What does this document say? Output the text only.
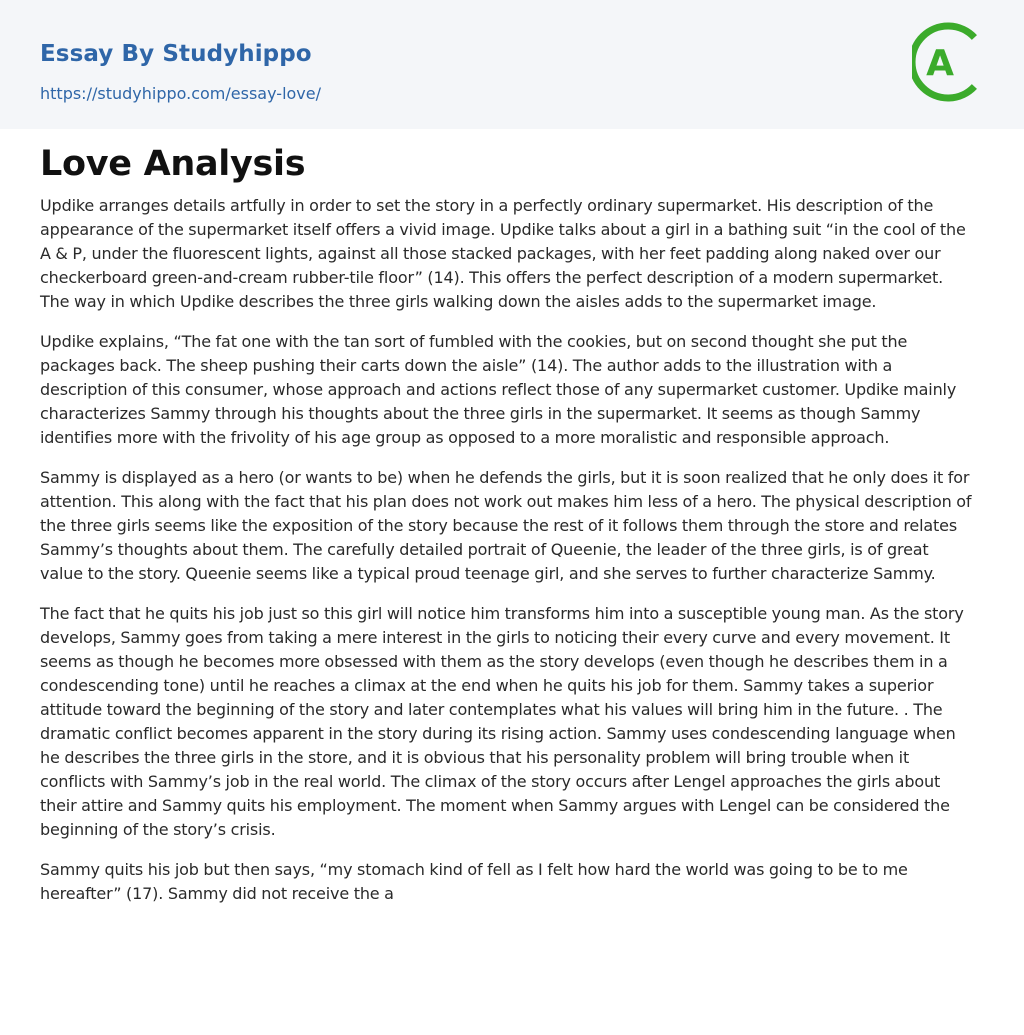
Essay By Studyhippo
https://studyhippo.com/essay-love/
A
Love Analysis

Updike arranges details artfully in order to set the story in a perfectly ordinary supermarket. His description of the appearance of the supermarket itself offers a vivid image. Updike talks about a girl in a bathing suit “in the cool of the A & P, under the fluorescent lights, against all those stacked packages, with her feet padding along naked over our checkerboard green-and-cream rubber-tile floor” (14). This offers the perfect description of a modern supermarket. The way in which Updike describes the three girls walking down the aisles adds to the supermarket image.

Updike explains, “The fat one with the tan sort of fumbled with the cookies, but on second thought she put the packages back. The sheep pushing their carts down the aisle” (14). The author adds to the illustration with a description of this consumer, whose approach and actions reflect those of any supermarket customer. Updike mainly characterizes Sammy through his thoughts about the three girls in the supermarket. It seems as though Sammy identifies more with the frivolity of his age group as opposed to a more moralistic and responsible approach.

Sammy is displayed as a hero (or wants to be) when he defends the girls, but it is soon realized that he only does it for attention. This along with the fact that his plan does not work out makes him less of a hero. The physical description of the three girls seems like the exposition of the story because the rest of it follows them through the store and relates Sammy’s thoughts about them. The carefully detailed portrait of Queenie, the leader of the three girls, is of great value to the story. Queenie seems like a typical proud teenage girl, and she serves to further characterize Sammy.

The fact that he quits his job just so this girl will notice him transforms him into a susceptible young man. As the story develops, Sammy goes from taking a mere interest in the girls to noticing their every curve and every movement. It seems as though he becomes more obsessed with them as the story develops (even though he describes them in a condescending tone) until he reaches a climax at the end when he quits his job for them. Sammy takes a superior attitude toward the beginning of the story and later contemplates what his values will bring him in the future. . The dramatic conflict becomes apparent in the story during its rising action. Sammy uses condescending language when he describes the three girls in the store, and it is obvious that his personality problem will bring trouble when it conflicts with Sammy’s job in the real world. The climax of the story occurs after Lengel approaches the girls about their attire and Sammy quits his employment. The moment when Sammy argues with Lengel can be considered the beginning of the story’s crisis.

Sammy quits his job but then says, “my stomach kind of fell as I felt how hard the world was going to be to me hereafter” (17). Sammy did not receive the a
